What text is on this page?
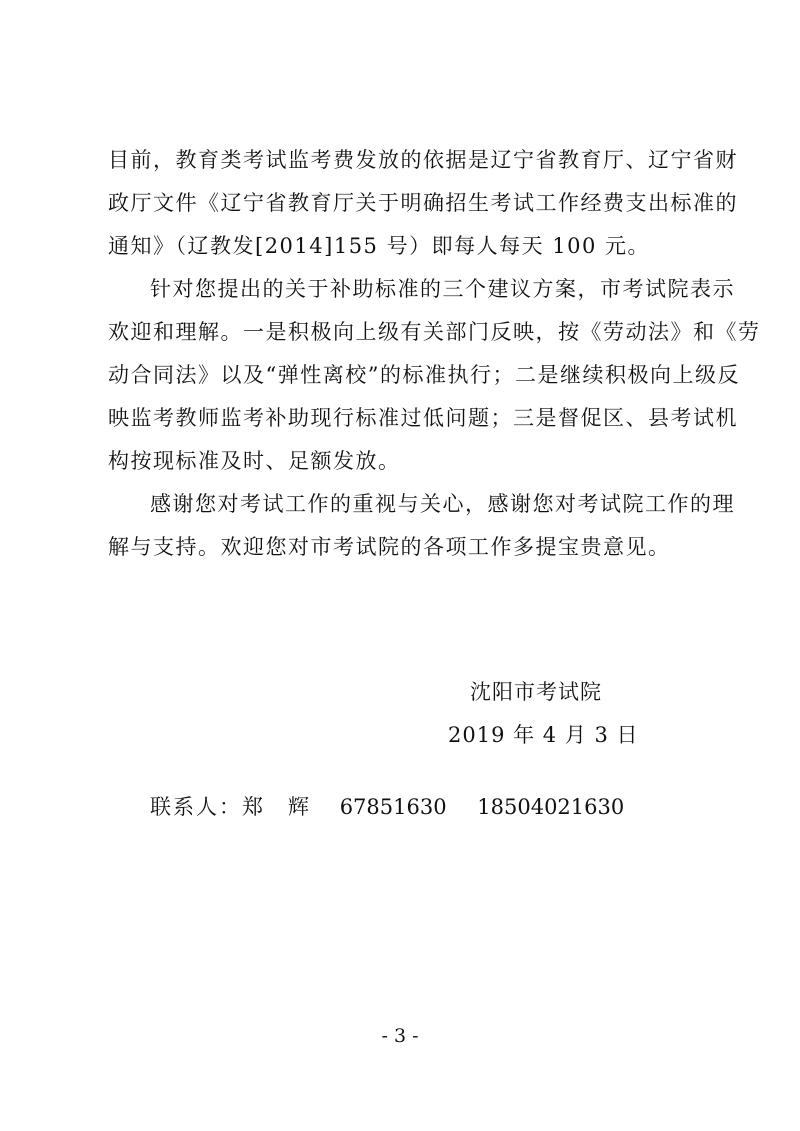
目前，教育类考试监考费发放的依据是辽宁省教育厅、辽宁省财
政厅文件《辽宁省教育厅关于明确招生考试工作经费支出标准的
通知》（辽教发[2014]155 号）即每人每天 100 元。
针对您提出的关于补助标准的三个建议方案，市考试院表示
欢迎和理解。一是积极向上级有关部门反映，按《劳动法》和《劳
动合同法》以及“弹性离校”的标准执行；二是继续积极向上级反
映监考教师监考补助现行标准过低问题；三是督促区、县考试机
构按现标准及时、足额发放。
感谢您对考试工作的重视与关心，感谢您对考试院工作的理
解与支持。欢迎您对市考试院的各项工作多提宝贵意见。
沈阳市考试院
2019 年 4 月 3 日
联系人：郑　辉 67851630 18504021630
- 3 -
